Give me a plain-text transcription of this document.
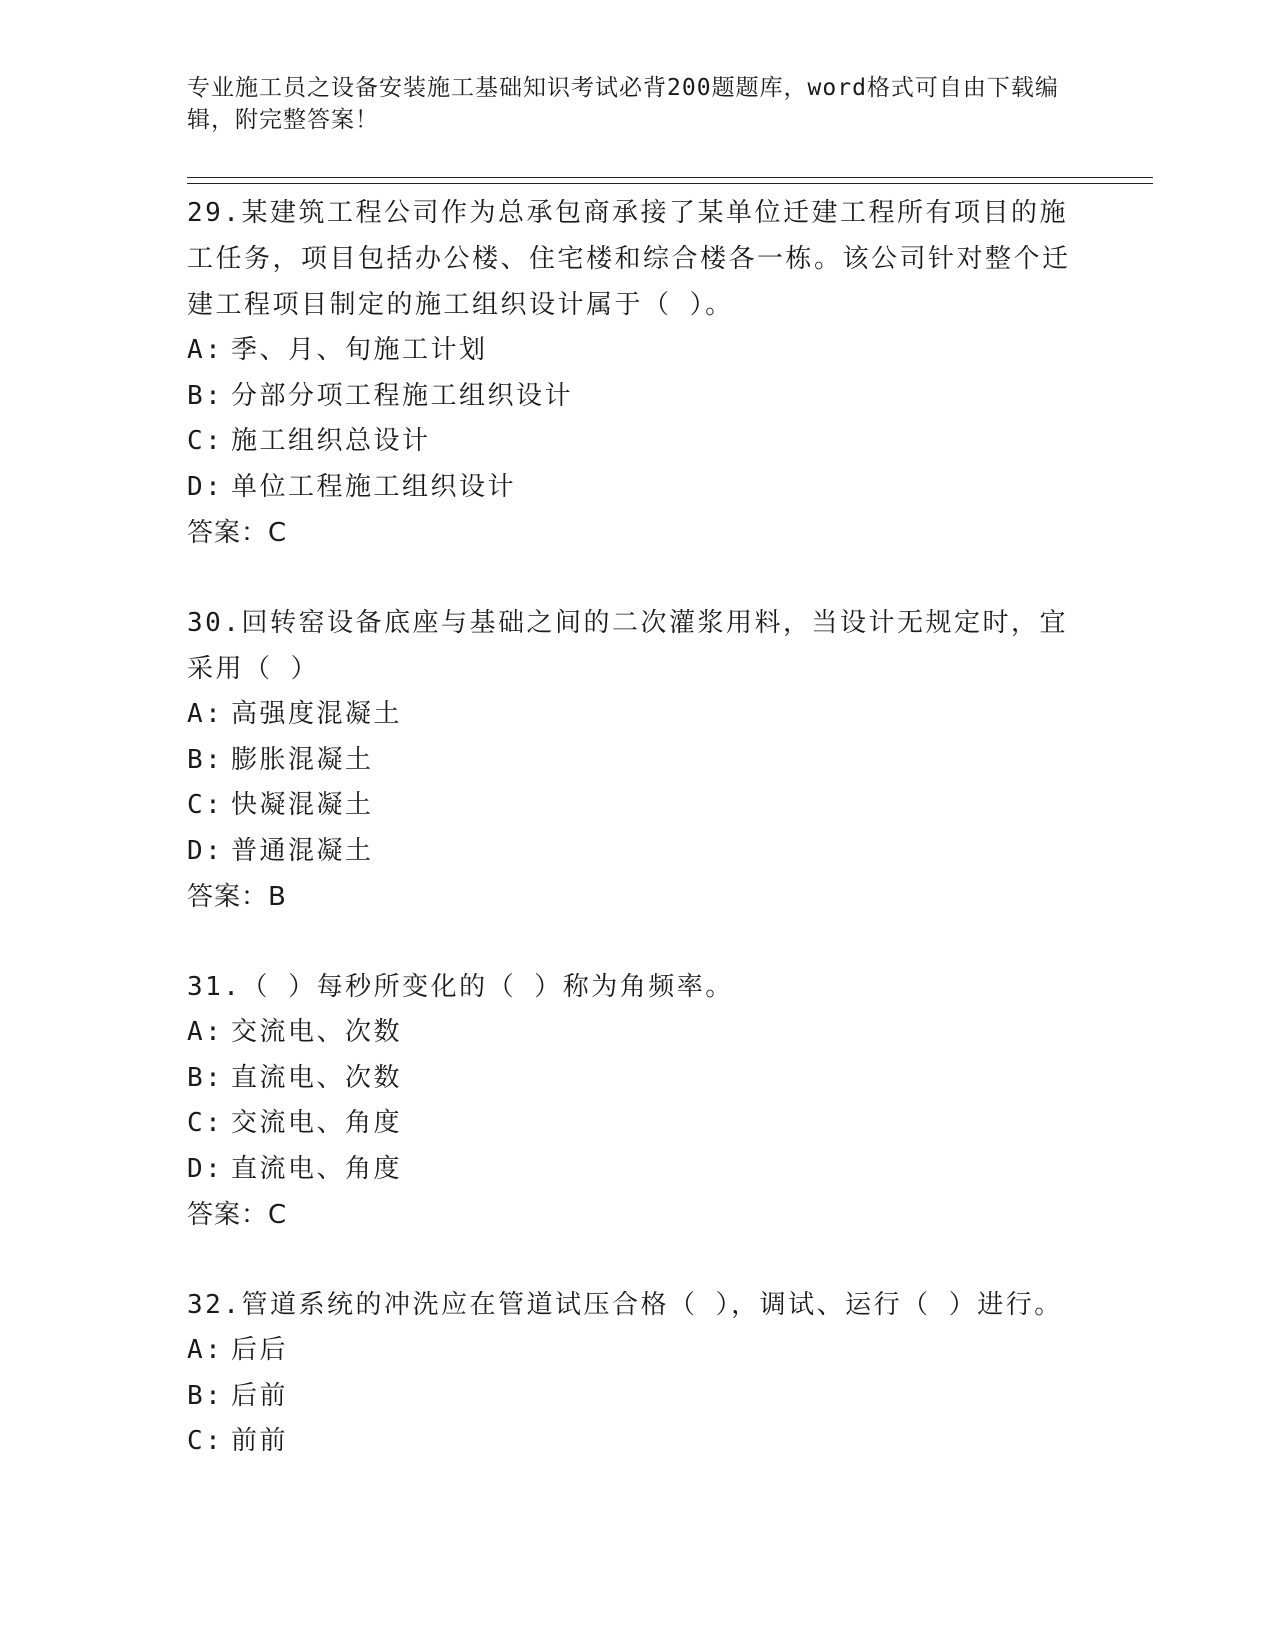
专业施工员之设备安装施工基础知识考试必背200题题库，word格式可自由下载编辑，附完整答案！
29.某建筑工程公司作为总承包商承接了某单位迁建工程所有项目的施工任务，项目包括办公楼、住宅楼和综合楼各一栋。该公司针对整个迁建工程项目制定的施工组织设计属于（ ）。
A: 季、月、旬施工计划
B: 分部分项工程施工组织设计
C: 施工组织总设计
D: 单位工程施工组织设计
答案：C
30.回转窑设备底座与基础之间的二次灌浆用料，当设计无规定时，宜采用（ ）
A: 高强度混凝土
B: 膨胀混凝土
C: 快凝混凝土
D: 普通混凝土
答案：B
31.（ ）每秒所变化的（ ）称为角频率。
A: 交流电、次数
B: 直流电、次数
C: 交流电、角度
D: 直流电、角度
答案：C
32.管道系统的冲洗应在管道试压合格（ ），调试、运行（ ）进行。
A: 后后
B: 后前
C: 前前
